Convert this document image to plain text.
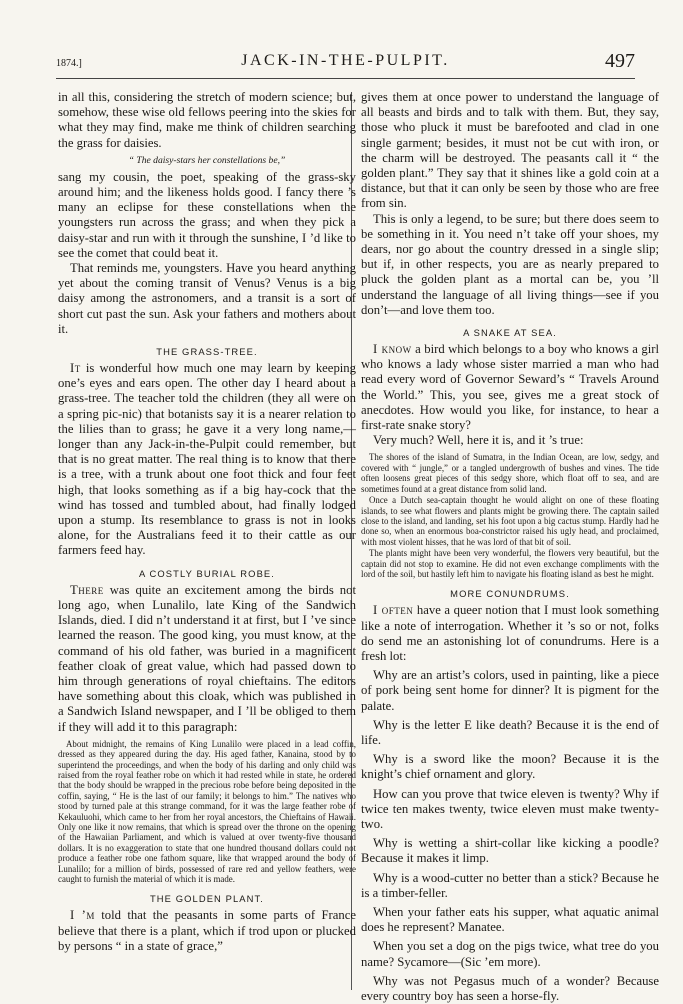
1874.]	JACK-IN-THE-PULPIT.	497

in all this, considering the stretch of modern science; but, somehow, these wise old fellows peering into the skies for what they may find, make me think of children searching the grass for daisies.

“ The daisy-stars her constellations be,”

sang my cousin, the poet, speaking of the grass-sky around him; and the likeness holds good. I fancy there ’s many an eclipse for these constellations when the youngsters run across the grass; and when they pick a daisy-star and run with it through the sunshine, I ’d like to see the comet that could beat it.

That reminds me, youngsters. Have you heard anything yet about the coming transit of Venus? Venus is a big daisy among the astronomers, and a transit is a sort of short cut past the sun. Ask your fathers and mothers about it.

THE GRASS-TREE.

It is wonderful how much one may learn by keeping one’s eyes and ears open. The other day I heard about a grass-tree. The teacher told the children (they all were on a spring pic-nic) that botanists say it is a nearer relation to the lilies than to grass; he gave it a very long name,—longer than any Jack-in-the-Pulpit could remember, but that is no great matter. The real thing is to know that there is a tree, with a trunk about one foot thick and four feet high, that looks something as if a big hay-cock that the wind has tossed and tumbled about, had finally lodged upon a stump. Its resemblance to grass is not in looks alone, for the Australians feed it to their cattle as our farmers feed hay.

A COSTLY BURIAL ROBE.

There was quite an excitement among the birds not long ago, when Lunalilo, late King of the Sandwich Islands, died. I did n’t understand it at first, but I ’ve since learned the reason. The good king, you must know, at the command of his old father, was buried in a magnificent feather cloak of great value, which had passed down to him through generations of royal chieftains. The editors have something about this cloak, which was published in a Sandwich Island newspaper, and I ’ll be obliged to them if they will add it to this paragraph:

About midnight, the remains of King Lunalilo were placed in a lead coffin, dressed as they appeared during the day. His aged father, Kanaina, stood by to superintend the proceedings, and when the body of his darling and only child was raised from the royal feather robe on which it had rested while in state, he ordered that the body should be wrapped in the precious robe before being deposited in the coffin, saying, “ He is the last of our family; it belongs to him.” The natives who stood by turned pale at this strange command, for it was the large feather robe of Kekauluohi, which came to her from her royal ancestors, the Chieftains of Hawaii. Only one like it now remains, that which is spread over the throne on the opening of the Hawaiian Parliament, and which is valued at over twenty-five thousand dollars. It is no exaggeration to state that one hundred thousand dollars could not produce a feather robe one fathom square, like that wrapped around the body of Lunalilo; for a million of birds, possessed of rare red and yellow feathers, were caught to furnish the material of which it is made.

THE GOLDEN PLANT.

I ’m told that the peasants in some parts of France believe that there is a plant, which if trod upon or plucked by persons “ in a state of grace,”

gives them at once power to understand the language of all beasts and birds and to talk with them. But, they say, those who pluck it must be barefooted and clad in one single garment; besides, it must not be cut with iron, or the charm will be destroyed. The peasants call it “ the golden plant.” They say that it shines like a gold coin at a distance, but that it can only be seen by those who are free from sin.

This is only a legend, to be sure; but there does seem to be something in it. You need n’t take off your shoes, my dears, nor go about the country dressed in a single slip; but if, in other respects, you are as nearly prepared to pluck the golden plant as a mortal can be, you ’ll understand the language of all living things—see if you don’t—and love them too.

A SNAKE AT SEA.

I know a bird which belongs to a boy who knows a girl who knows a lady whose sister married a man who had read every word of Governor Seward’s “ Travels Around the World.” This, you see, gives me a great stock of anecdotes. How would you like, for instance, to hear a first-rate snake story?

Very much? Well, here it is, and it ’s true:

The shores of the island of Sumatra, in the Indian Ocean, are low, sedgy, and covered with “ jungle,” or a tangled undergrowth of bushes and vines. The tide often loosens great pieces of this sedgy shore, which float off to sea, and are sometimes found at a great distance from solid land.

Once a Dutch sea-captain thought he would alight on one of these floating islands, to see what flowers and plants might be growing there. The captain sailed close to the island, and landing, set his foot upon a big cactus stump. Hardly had he done so, when an enormous boa-constrictor raised his ugly head, and proclaimed, with most violent hisses, that he was lord of that bit of soil.

The plants might have been very wonderful, the flowers very beautiful, but the captain did not stop to examine. He did not even exchange compliments with the lord of the soil, but hastily left him to navigate his floating island as best he might.

MORE CONUNDRUMS.

I often have a queer notion that I must look something like a note of interrogation. Whether it ’s so or not, folks do send me an astonishing lot of conundrums. Here is a fresh lot:

Why are an artist’s colors, used in painting, like a piece of pork being sent home for dinner? It is pigment for the palate.

Why is the letter E like death? Because it is the end of life.

Why is a sword like the moon? Because it is the knight’s chief ornament and glory.

How can you prove that twice eleven is twenty? Why if twice ten makes twenty, twice eleven must make twenty-two.

Why is wetting a shirt-collar like kicking a poodle? Because it makes it limp.

Why is a wood-cutter no better than a stick? Because he is a timber-feller.

When your father eats his supper, what aquatic animal does he represent? Manatee.

When you set a dog on the pigs twice, what tree do you name? Sycamore—(Sic ’em more).

Why was not Pegasus much of a wonder? Because every country boy has seen a horse-fly.
